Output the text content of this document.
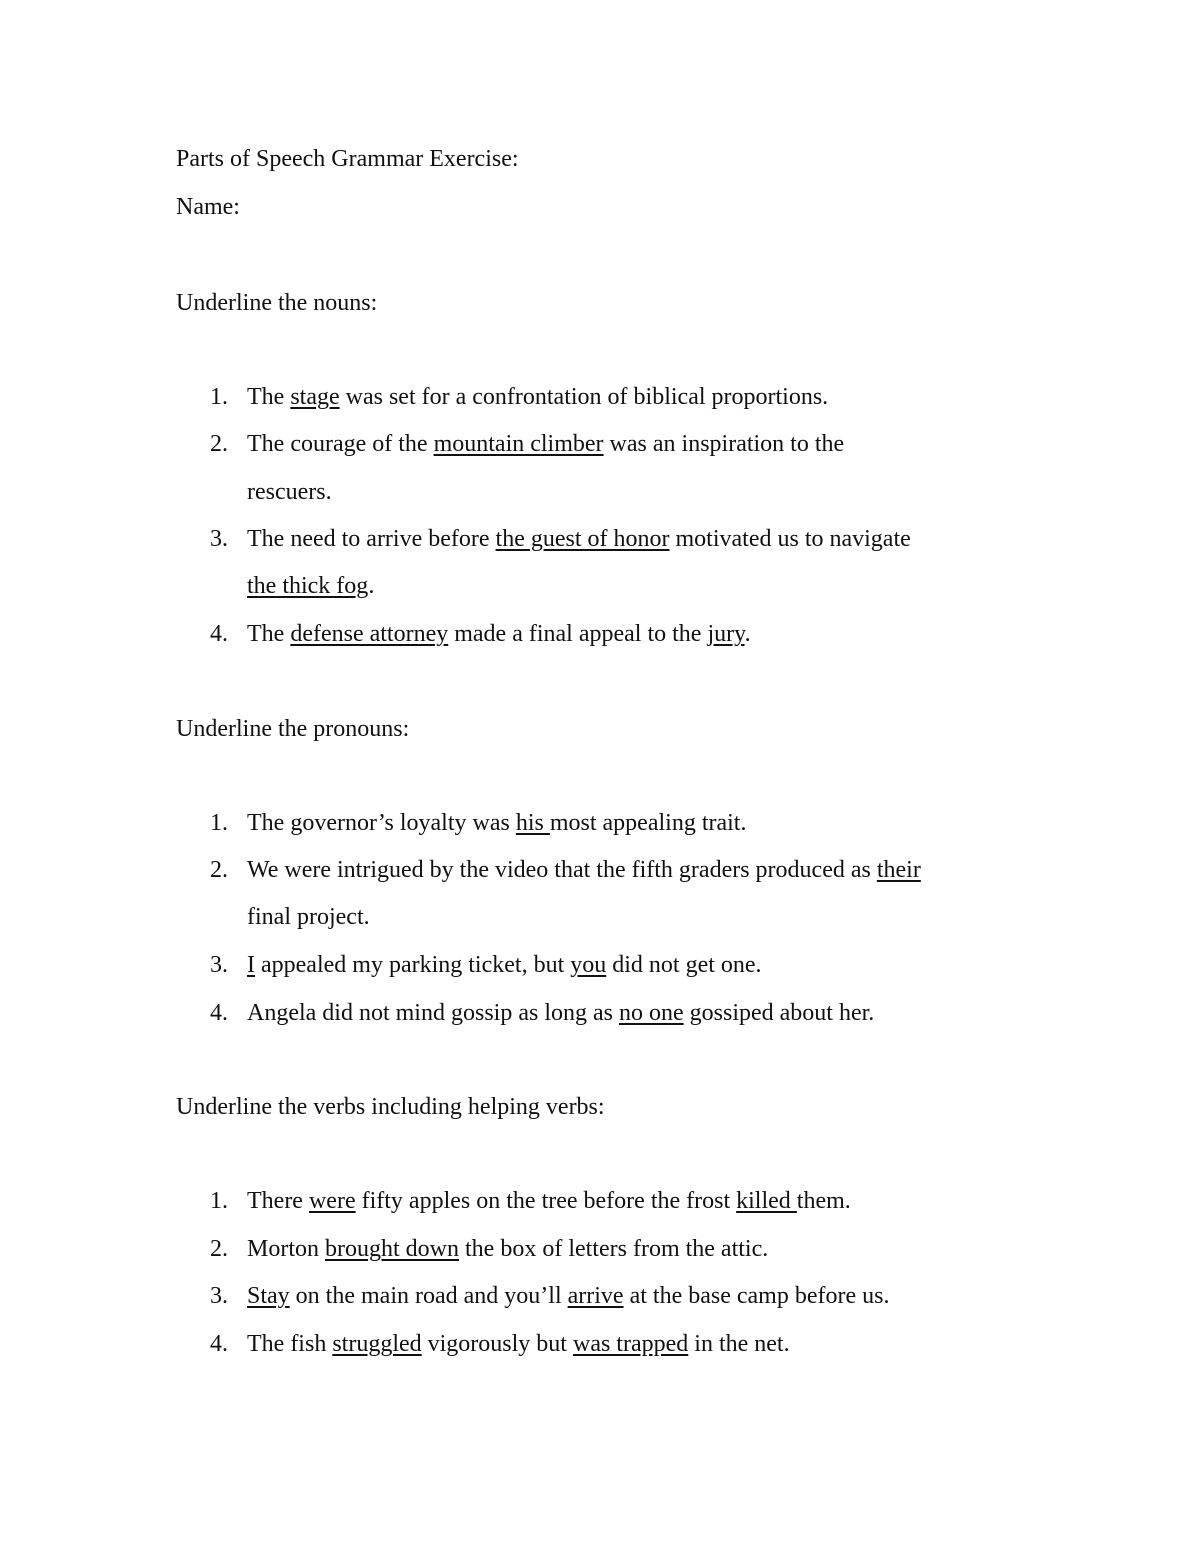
Parts of Speech Grammar Exercise:
Name:
Underline the nouns:
1. The stage was set for a confrontation of biblical proportions.
2. The courage of the mountain climber was an inspiration to the
rescuers.
3. The need to arrive before the guest of honor motivated us to navigate
the thick fog.
4. The defense attorney made a final appeal to the jury.
Underline the pronouns:
1. The governor’s loyalty was his most appealing trait.
2. We were intrigued by the video that the fifth graders produced as their
final project.
3. I appealed my parking ticket, but you did not get one.
4. Angela did not mind gossip as long as no one gossiped about her.
Underline the verbs including helping verbs:
1. There were fifty apples on the tree before the frost killed them.
2. Morton brought down the box of letters from the attic.
3. Stay on the main road and you’ll arrive at the base camp before us.
4. The fish struggled vigorously but was trapped in the net.
